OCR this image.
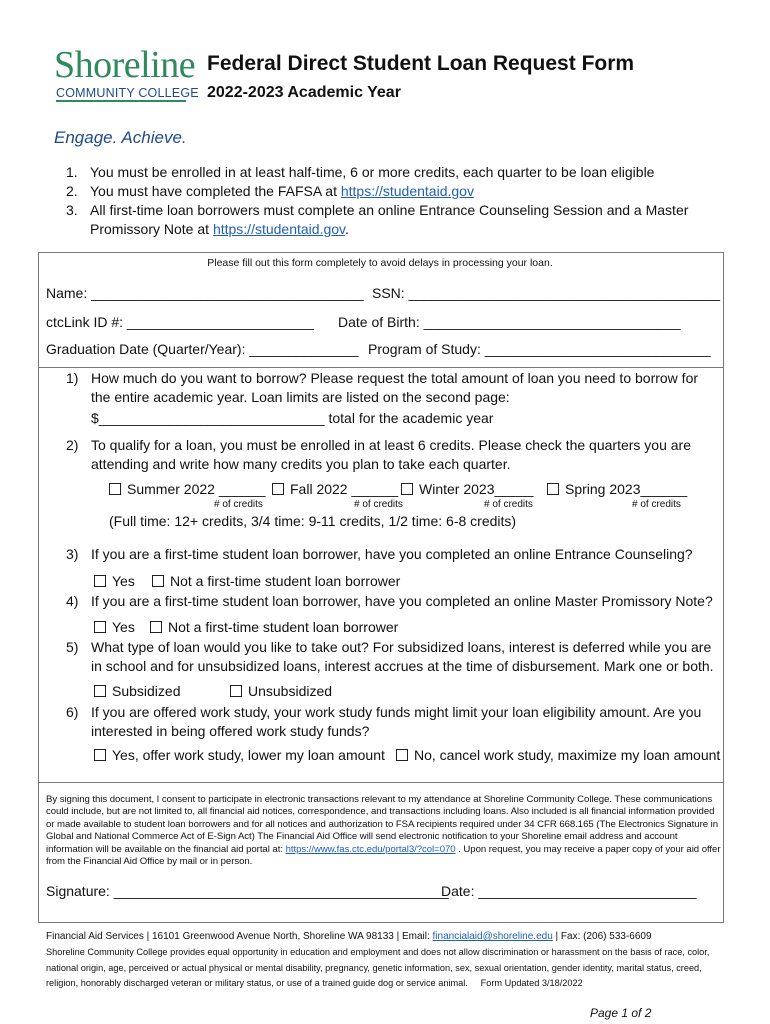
Shoreline
COMMUNITY COLLEGE
Engage. Achieve.
Federal Direct Student Loan Request Form
2022-2023 Academic Year
1. You must be enrolled in at least half-time, 6 or more credits, each quarter to be loan eligible
2. You must have completed the FAFSA at https://studentaid.gov
3. All first-time loan borrowers must complete an online Entrance Counseling Session and a Master Promissory Note at https://studentaid.gov.
Please fill out this form completely to avoid delays in processing your loan.
Name: ___________________________________ SSN: ________________________________________
ctcLink ID #: ________________________ Date of Birth: _________________________________
Graduation Date (Quarter/Year): ______________ Program of Study: _____________________________
1) How much do you want to borrow? Please request the total amount of loan you need to borrow for the entire academic year. Loan limits are listed on the second page:
$_____________________________ total for the academic year
2) To qualify for a loan, you must be enrolled in at least 6 credits. Please check the quarters you are attending and write how many credits you plan to take each quarter.
Summer 2022 ______	Fall 2022 ______	Winter 2023_____	Spring 2023______
# of credits	# of credits	# of credits	# of credits
(Full time: 12+ credits, 3/4 time: 9-11 credits, 1/2 time: 6-8 credits)
3) If you are a first-time student loan borrower, have you completed an online Entrance Counseling?
Yes	Not a first-time student loan borrower
4) If you are a first-time student loan borrower, have you completed an online Master Promissory Note?
Yes	Not a first-time student loan borrower
5) What type of loan would you like to take out? For subsidized loans, interest is deferred while you are in school and for unsubsidized loans, interest accrues at the time of disbursement. Mark one or both.
Subsidized	Unsubsidized
6) If you are offered work study, your work study funds might limit your loan eligibility amount. Are you interested in being offered work study funds?
Yes, offer work study, lower my loan amount	No, cancel work study, maximize my loan amount
By signing this document, I consent to participate in electronic transactions relevant to my attendance at Shoreline Community College. These communications could include, but are not limited to, all financial aid notices, correspondence, and transactions including loans. Also included is all financial information provided or made available to student loan borrowers and for all notices and authorization to FSA recipients required under 34 CFR 668.165 (The Electronics Signature in Global and National Commerce Act of E-Sign Act) The Financial Aid Office will send electronic notification to your Shoreline email address and account information will be available on the financial aid portal at: https://www.fas.ctc.edu/portal3/?col=070 . Upon request, you may receive a paper copy of your aid offer from the Financial Aid Office by mail or in person.
Signature: ___________________________________________
Date: ____________________________
Financial Aid Services | 16101 Greenwood Avenue North, Shoreline WA 98133 | Email: financialaid@shoreline.edu | Fax: (206) 533-6609
Shoreline Community College provides equal opportunity in education and employment and does not allow discrimination or harassment on the basis of race, color, national origin, age, perceived or actual physical or mental disability, pregnancy, genetic information, sex, sexual orientation, gender identity, marital status, creed, religion, honorably discharged veteran or military status, or use of a trained guide dog or service animal. Form Updated 3/18/2022
Page 1 of 2
